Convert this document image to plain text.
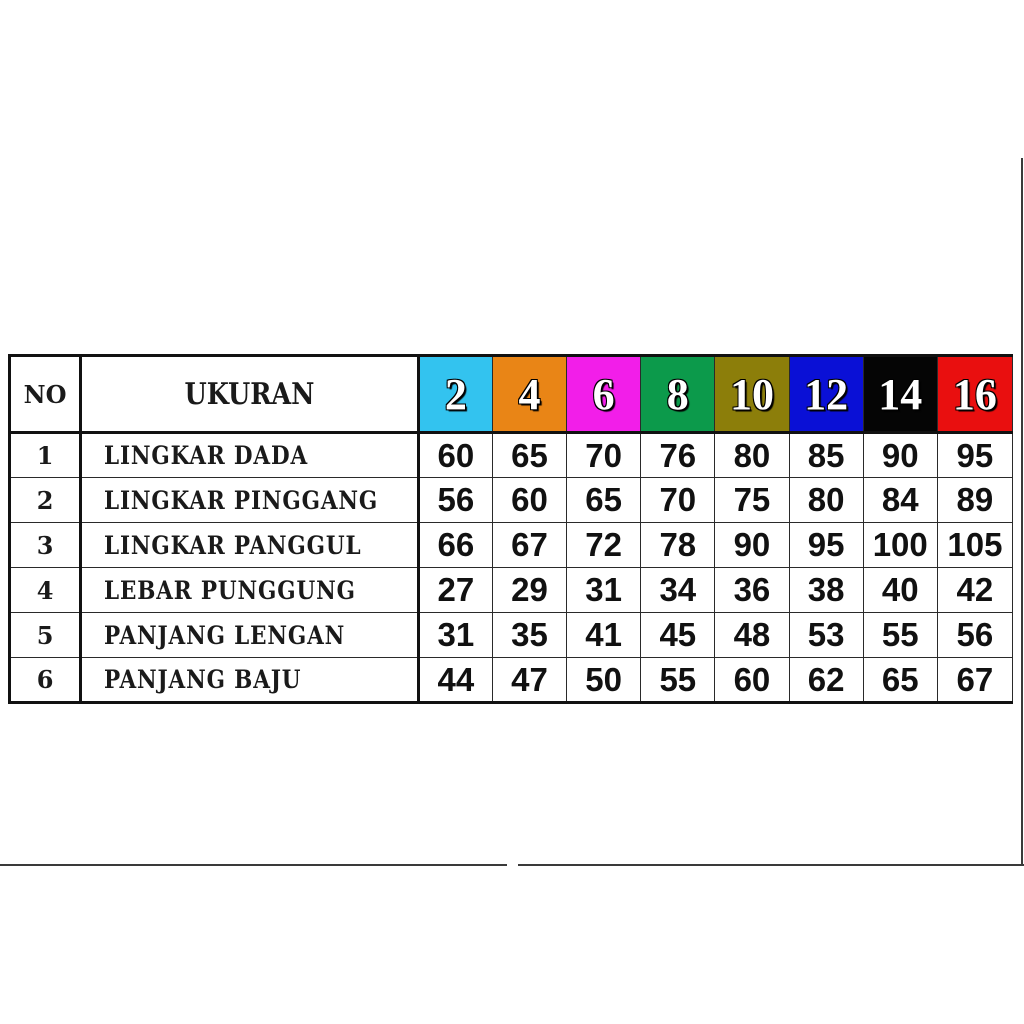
NO	UKURAN	2	4	6	8	10	12	14	16
1	LINGKAR DADA	60	65	70	76	80	85	90	95
2	LINGKAR PINGGANG	56	60	65	70	75	80	84	89
3	LINGKAR PANGGUL	66	67	72	78	90	95	100	105
4	LEBAR PUNGGUNG	27	29	31	34	36	38	40	42
5	PANJANG LENGAN	31	35	41	45	48	53	55	56
6	PANJANG BAJU	44	47	50	55	60	62	65	67
